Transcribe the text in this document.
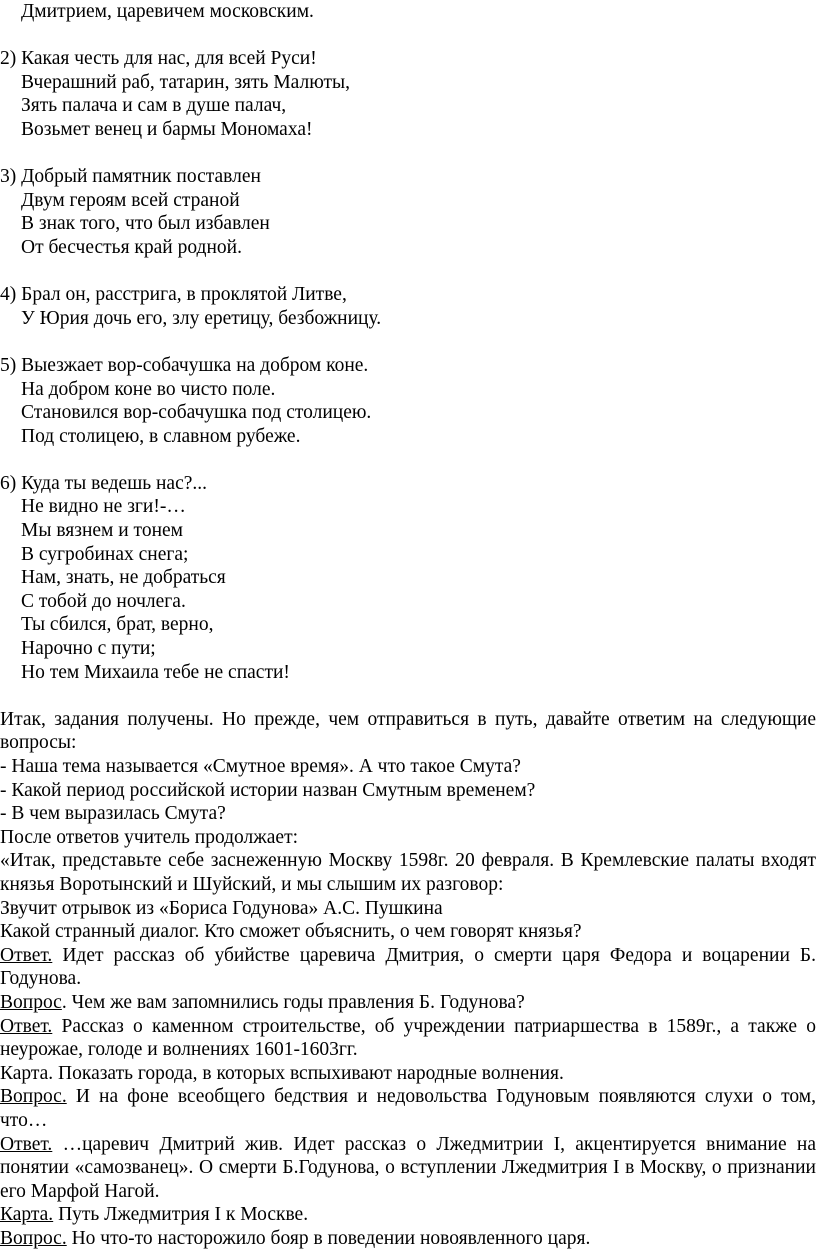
Дмитрием, царевичем московским.
2) Какая честь для нас, для всей Руси!
Вчерашний раб, татарин, зять Малюты,
Зять палача и сам в душе палач,
Возьмет венец и бармы Мономаха!
3) Добрый памятник поставлен
Двум героям всей страной
В знак того, что был избавлен
От бесчестья край родной.
4) Брал он, расстрига, в проклятой Литве,
У Юрия дочь его, злу еретицу, безбожницу.
5) Выезжает вор-собачушка на добром коне.
На добром коне во чисто поле.
Становился вор-собачушка под столицею.
Под столицею, в славном рубеже.
6) Куда ты ведешь нас?...
Не видно не зги!-…
Мы вязнем и тонем
В сугробинах снега;
Нам, знать, не добраться
С тобой до ночлега.
Ты сбился, брат, верно,
Нарочно с пути;
Но тем Михаила тебе не спасти!
Итак, задания получены. Но прежде, чем отправиться в путь, давайте ответим на следующие вопросы:
- Наша тема называется «Смутное время». А что такое Смута?
- Какой период российской истории назван Смутным временем?
- В чем выразилась Смута?
После ответов учитель продолжает:
«Итак, представьте себе заснеженную Москву 1598г. 20 февраля. В Кремлевские палаты входят князья Воротынский и Шуйский, и мы слышим их разговор:
Звучит отрывок из «Бориса Годунова» А.С. Пушкина
Какой странный диалог. Кто сможет объяснить, о чем говорят князья?
Ответ. Идет рассказ об убийстве царевича Дмитрия, о смерти царя Федора и воцарении Б. Годунова.
Вопрос. Чем же вам запомнились годы правления Б. Годунова?
Ответ. Рассказ о каменном строительстве, об учреждении патриаршества в 1589г., а также о неурожае, голоде и волнениях 1601-1603гг.
Карта. Показать города, в которых вспыхивают народные волнения.
Вопрос. И на фоне всеобщего бедствия и недовольства Годуновым появляются слухи о том, что…
Ответ. …царевич Дмитрий жив. Идет рассказ о Лжедмитрии I, акцентируется внимание на понятии «самозванец». О смерти Б.Годунова, о вступлении Лжедмитрия I в Москву, о признании его Марфой Нагой.
Карта. Путь Лжедмитрия I к Москве.
Вопрос. Но что-то насторожило бояр в поведении новоявленного царя.
